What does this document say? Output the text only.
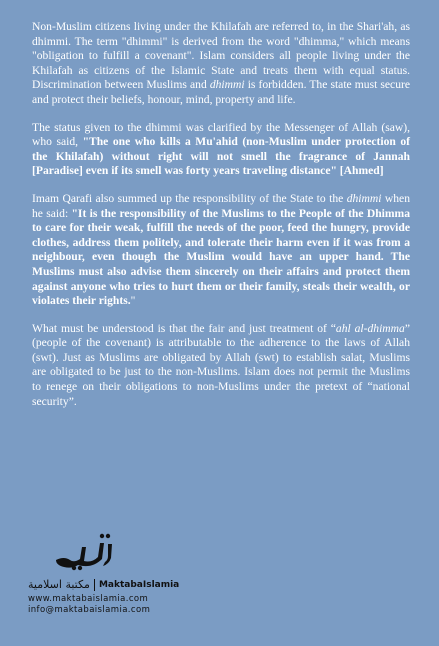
Non-Muslim citizens living under the Khilafah are referred to, in the Shari'ah, as dhimmi. The term "dhimmi" is derived from the word "dhimma," which means "obligation to fulfill a covenant". Islam considers all people living under the Khilafah as citizens of the Islamic State and treats them with equal status. Discrimination between Muslims and dhimmi is forbidden. The state must secure and protect their beliefs, honour, mind, property and life.

The status given to the dhimmi was clarified by the Messenger of Allah (saw), who said, "The one who kills a Mu'ahid (non-Muslim under protection of the Khilafah) without right will not smell the fragrance of Jannah [Paradise] even if its smell was forty years traveling distance" [Ahmed]

Imam Qarafi also summed up the responsibility of the State to the dhimmi when he said: "It is the responsibility of the Muslims to the People of the Dhimma to care for their weak, fulfill the needs of the poor, feed the hungry, provide clothes, address them politely, and tolerate their harm even if it was from a neighbour, even though the Muslim would have an upper hand. The Muslims must also advise them sincerely on their affairs and protect them against anyone who tries to hurt them or their family, steals their wealth, or violates their rights."

What must be understood is that the fair and just treatment of “ahl al-dhimma” (people of the covenant) is attributable to the adherence to the laws of Allah (swt). Just as Muslims are obligated by Allah (swt) to establish salat, Muslims are obligated to be just to the non-Muslims. Islam does not permit the Muslims to renege on their obligations to non-Muslims under the pretext of “national security”.

مكتبة اسلامية MaktabaIslamia
www.maktabaislamia.com
info@maktabaislamia.com
